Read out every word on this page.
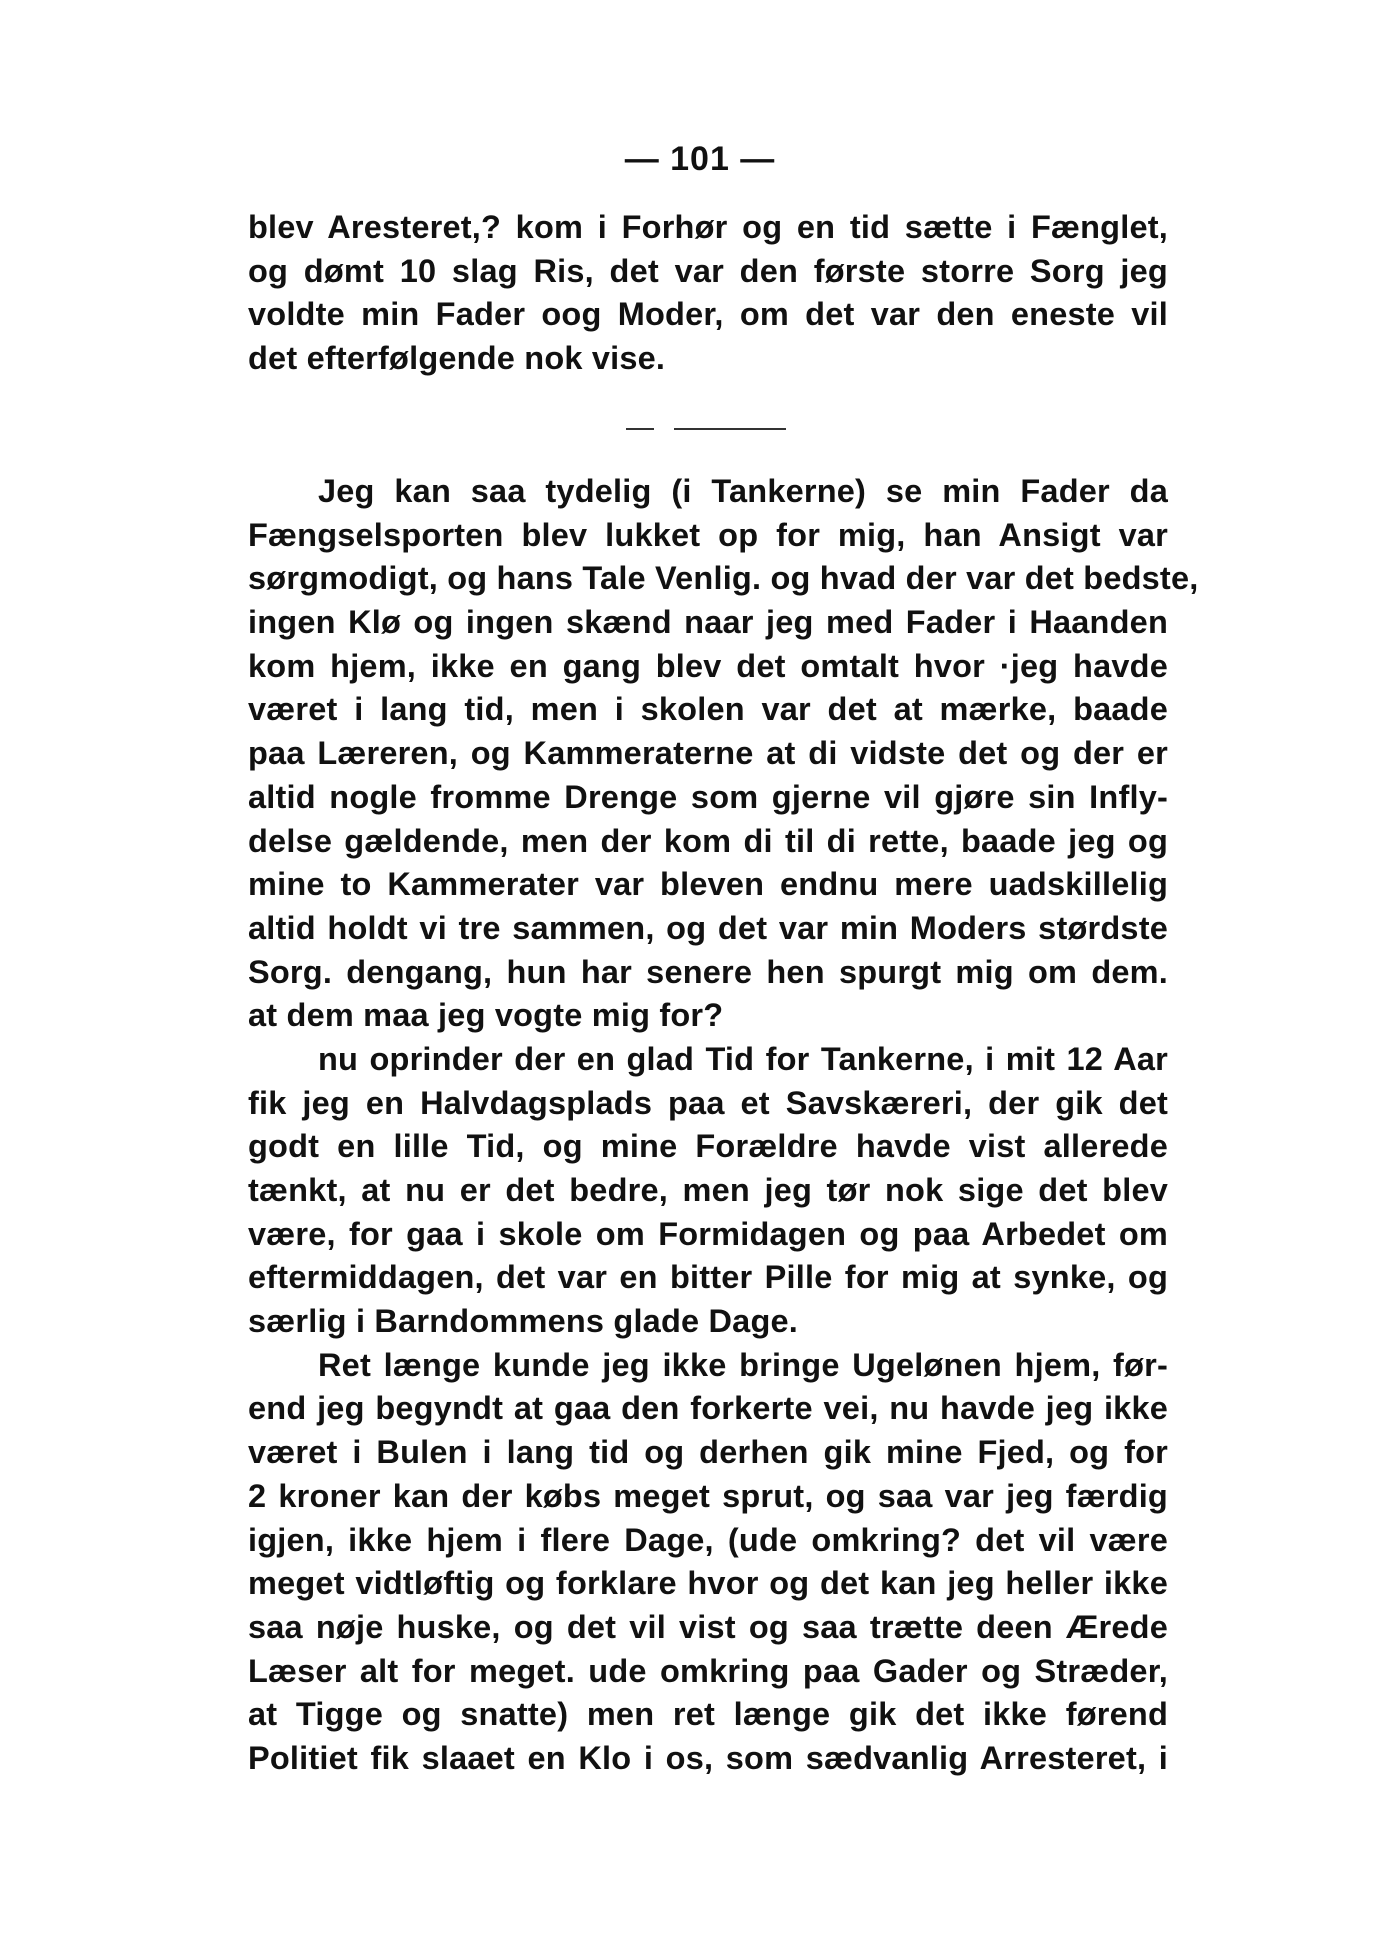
— 101 —
blev Aresteret,? kom i Forhør og en tid sætte i Fænglet,
og dømt 10 slag Ris, det var den første storre Sorg jeg
voldte min Fader oog Moder, om det var den eneste vil
det efterfølgende nok vise.
Jeg kan saa tydelig (i Tankerne) se min Fader da
Fængselsporten blev lukket op for mig, han Ansigt var
sørgmodigt, og hans Tale Venlig. og hvad der var det bedste,
ingen Klø og ingen skænd naar jeg med Fader i Haanden
kom hjem, ikke en gang blev det omtalt hvor ·jeg havde
været i lang tid, men i skolen var det at mærke, baade
paa Læreren, og Kammeraterne at di vidste det og der er
altid nogle fromme Drenge som gjerne vil gjøre sin Infly-
delse gældende, men der kom di til di rette, baade jeg og
mine to Kammerater var bleven endnu mere uadskillelig
altid holdt vi tre sammen, og det var min Moders størdste
Sorg. dengang, hun har senere hen spurgt mig om dem.
at dem maa jeg vogte mig for?
nu oprinder der en glad Tid for Tankerne, i mit 12 Aar
fik jeg en Halvdagsplads paa et Savskæreri, der gik det
godt en lille Tid, og mine Forældre havde vist allerede
tænkt, at nu er det bedre, men jeg tør nok sige det blev
være, for gaa i skole om Formidagen og paa Arbedet om
eftermiddagen, det var en bitter Pille for mig at synke, og
særlig i Barndommens glade Dage.
Ret længe kunde jeg ikke bringe Ugelønen hjem, før-
end jeg begyndt at gaa den forkerte vei, nu havde jeg ikke
været i Bulen i lang tid og derhen gik mine Fjed, og for
2 kroner kan der købs meget sprut, og saa var jeg færdig
igjen, ikke hjem i flere Dage, (ude omkring? det vil være
meget vidtløftig og forklare hvor og det kan jeg heller ikke
saa nøje huske, og det vil vist og saa trætte deen Ærede
Læser alt for meget. ude omkring paa Gader og Stræder,
at Tigge og snatte) men ret længe gik det ikke førend
Politiet fik slaaet en Klo i os, som sædvanlig Arresteret, i
